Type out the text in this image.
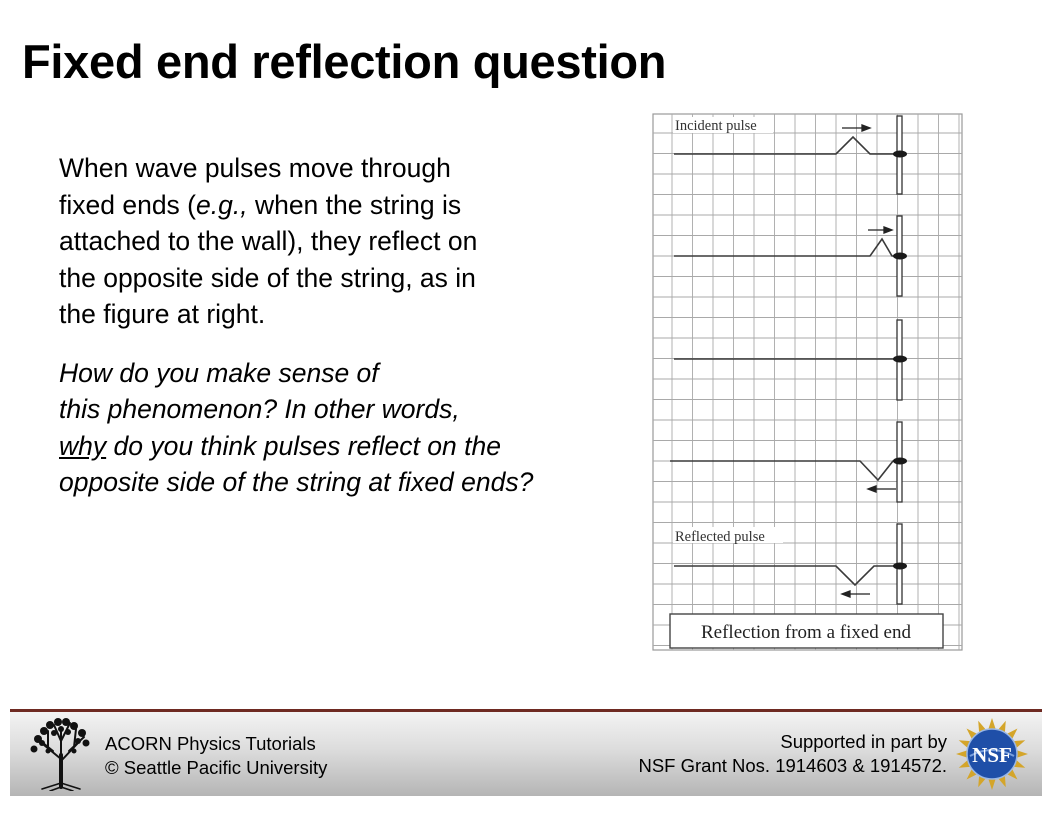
Fixed end reflection question
When wave pulses move through
fixed ends (e.g., when the string is
attached to the wall), they reflect on
the opposite side of the string, as in
the figure at right.
How do you make sense of
this phenomenon? In other words,
why do you think pulses reflect on the
opposite side of the string at fixed ends?
Incident pulse
Reflected pulse
Reflection from a fixed end
ACORN Physics Tutorials
© Seattle Pacific University
Supported in part by
NSF Grant Nos. 1914603 & 1914572. NSF
